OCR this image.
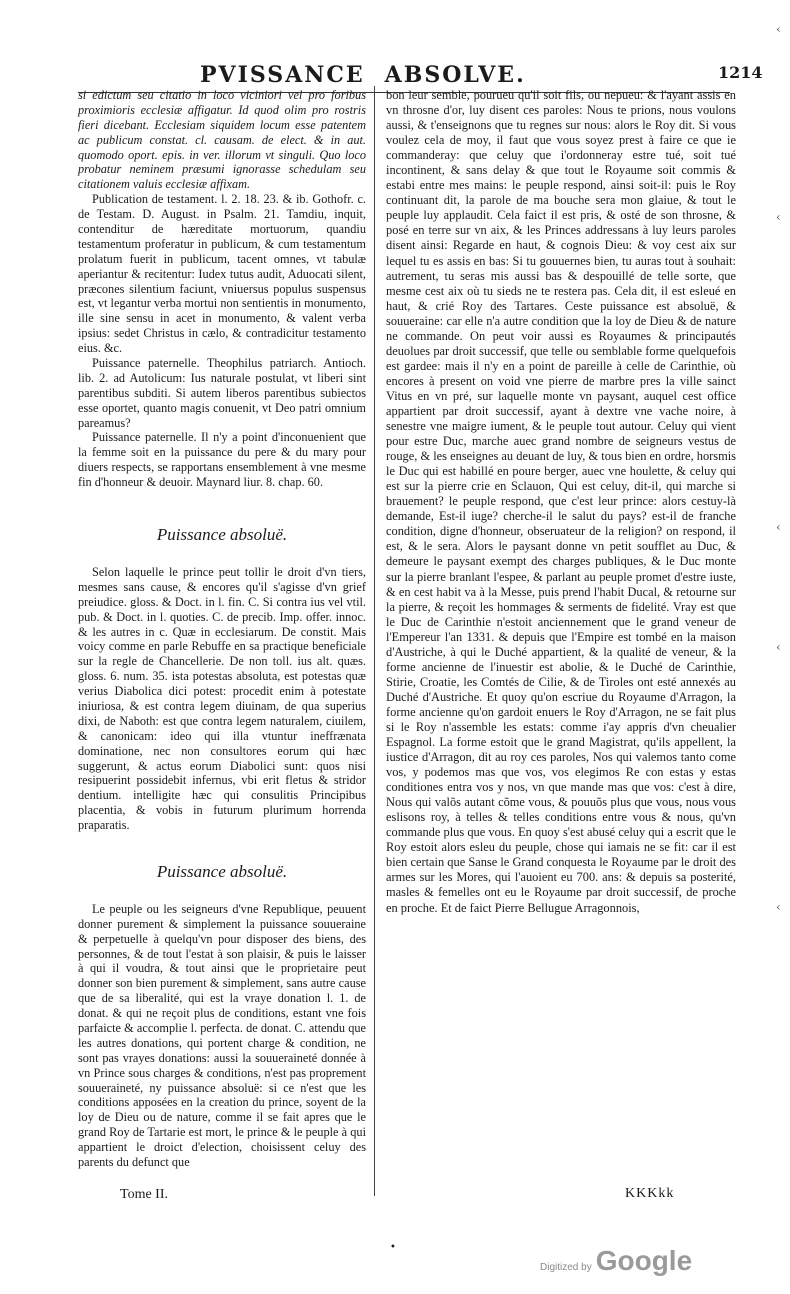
PVISSANCE ABSOLVE.	1214

si edictum seu citatio in loco viciniori vel pro foribus proximioris ecclesiæ affigatur. Id quod olim pro rostris fieri dicebant. Ecclesiam siquidem locum esse patentem ac publicum constat. cl. causam. de elect. & in aut. quomodo oport. epis. in ver. illorum vt singuli. Quo loco probatur neminem præsumi ignorasse schedulam seu citationem valuis ecclesiæ affixam.

Publication de testament. l. 2. 18. 23. & ib. Gothofr. c. de Testam. D. August. in Psalm. 21. Tamdiu, inquit, contenditur de hæreditate mortuorum, quandiu testamentum proferatur in publicum, & cum testamentum prolatum fuerit in publicum, tacent omnes, vt tabulæ aperiantur & recitentur: Iudex tutus audit, Aduocati silent, præcones silentium faciunt, vniuersus populus suspensus est, vt legantur verba mortui non sentientis in monumento, ille sine sensu in acet in monumento, & valent verba ipsius: sedet Christus in cælo, & contradicitur testamento eius. &c.

Puissance paternelle. Theophilus patriarch. Antioch. lib. 2. ad Autolicum: Ius naturale postulat, vt liberi sint parentibus subditi. Si autem liberos parentibus subiectos esse oportet, quanto magis conuenit, vt Deo patri omnium pareamus?

Puissance paternelle. Il n'y a point d'inconuenient que la femme soit en la puissance du pere & du mary pour diuers respects, se rapportans ensemblement à vne mesme fin d'honneur & deuoir. Maynard liur. 8. chap. 60.

Puissance absoluë.

Selon laquelle le prince peut tollir le droit d'vn tiers, mesmes sans cause, & encores qu'il s'agisse d'vn grief preiudice. gloss. & Doct. in l. fin. C. Si contra ius vel vtil. pub. & Doct. in l. quoties. C. de precib. Imp. offer. innoc. & les autres in c. Quæ in ecclesiarum. De constit. Mais voicy comme en parle Rebuffe en sa practique beneficiale sur la regle de Chancellerie. De non toll. ius alt. quæs. gloss. 6. num. 35. ista potestas absoluta, est potestas quæ verius Diabolica dici potest: procedit enim à potestate iniuriosa, & est contra legem diuinam, de qua superius dixi, de Naboth: est que contra legem naturalem, ciuilem, & canonicam: ideo qui illa vtuntur ineffrænata dominatione, nec non consultores eorum qui hæc suggerunt, & actus eorum Diabolici sunt: quos nisi resipuerint possidebit infernus, vbi erit fletus & stridor dentium. intelligite hæc qui consulitis Principibus placentia, & vobis in futurum plurimum horrenda praparatis.

Puissance absoluë.

Le peuple ou les seigneurs d'vne Republique, peuuent donner purement & simplement la puissance souueraine & perpetuelle à quelqu'vn pour disposer des biens, des personnes, & de tout l'estat à son plaisir, & puis le laisser à qui il voudra, & tout ainsi que le proprietaire peut donner son bien purement & simplement, sans autre cause que de sa liberalité, qui est la vraye donation l. 1. de donat. & qui ne reçoit plus de conditions, estant vne fois parfaicte & accomplie l. perfecta. de donat. C. attendu que les autres donations, qui portent charge & condition, ne sont pas vrayes donations: aussi la souueraineté donnée à vn Prince sous charges & conditions, n'est pas proprement souueraineté, ny puissance absoluë: si ce n'est que les conditions apposées en la creation du prince, soyent de la loy de Dieu ou de nature, comme il se fait apres que le grand Roy de Tartarie est mort, le prince & le peuple à qui appartient le droict d'election, choisissent celuy des parents du defunct que

bon leur semble, pourueu qu'il soit fils, ou nepueu: & l'ayant assis en vn throsne d'or, luy disent ces paroles: Nous te prions, nous voulons aussi, & t'enseignons que tu regnes sur nous: alors le Roy dit. Si vous voulez cela de moy, il faut que vous soyez prest à faire ce que ie commanderay: que celuy que i'ordonneray estre tué, soit tué incontinent, & sans delay & que tout le Royaume soit commis & estabi entre mes mains: le peuple respond, ainsi soit-il: puis le Roy continuant dit, la parole de ma bouche sera mon glaiue, & tout le peuple luy applaudit. Cela faict il est pris, & osté de son throsne, & posé en terre sur vn aix, & les Princes addressans à luy leurs paroles disent ainsi: Regarde en haut, & cognois Dieu: & voy cest aix sur lequel tu es assis en bas: Si tu gouuernes bien, tu auras tout à souhait: autrement, tu seras mis aussi bas & despouillé de telle sorte, que mesme cest aix où tu sieds ne te restera pas. Cela dit, il est esleué en haut, & crié Roy des Tartares. Ceste puissance est absoluë, & souueraine: car elle n'a autre condition que la loy de Dieu & de nature ne commande. On peut voir aussi es Royaumes & principautés deuolues par droit successif, que telle ou semblable forme quelquefois est gardee: mais il n'y en a point de pareille à celle de Carinthie, où encores à present on void vne pierre de marbre pres la ville sainct Vitus en vn pré, sur laquelle monte vn paysant, auquel cest office appartient par droit successif, ayant à dextre vne vache noire, à senestre vne maigre iument, & le peuple tout autour. Celuy qui vient pour estre Duc, marche auec grand nombre de seigneurs vestus de rouge, & les enseignes au deuant de luy, & tous bien en ordre, horsmis le Duc qui est habillé en poure berger, auec vne houlette, & celuy qui est sur la pierre crie en Sclauon, Qui est celuy, dit-il, qui marche si brauement? le peuple respond, que c'est leur prince: alors cestuy-là demande, Est-il iuge? cherche-il le salut du pays? est-il de franche condition, digne d'honneur, obseruateur de la religion? on respond, il est, & le sera. Alors le paysant donne vn petit soufflet au Duc, & demeure le paysant exempt des charges publiques, & le Duc monte sur la pierre branlant l'espee, & parlant au peuple promet d'estre iuste, & en cest habit va à la Messe, puis prend l'habit Ducal, & retourne sur la pierre, & reçoit les hommages & serments de fidelité. Vray est que le Duc de Carinthie n'estoit anciennement que le grand veneur de l'Empereur l'an 1331. & depuis que l'Empire est tombé en la maison d'Austriche, à qui le Duché appartient, & la qualité de veneur, & la forme ancienne de l'inuestir est abolie, & le Duché de Carinthie, Stirie, Croatie, les Comtés de Cilie, & de Tiroles ont esté annexés au Duché d'Austriche. Et quoy qu'on escriue du Royaume d'Arragon, la forme ancienne qu'on gardoit enuers le Roy d'Arragon, ne se fait plus si le Roy n'assemble les estats: comme i'ay appris d'vn cheualier Espagnol. La forme estoit que le grand Magistrat, qu'ils appellent, la iustice d'Arragon, dit au roy ces paroles, Nos qui valemos tanto come vos, y podemos mas que vos, vos elegimos Re con estas y estas conditiones entra vos y nos, vn que mande mas que vos: c'est à dire, Nous qui valõs autant cõme vous, & pouuõs plus que vous, nous vous eslisons roy, à telles & telles conditions entre vous & nous, qu'vn commande plus que vous. En quoy s'est abusé celuy qui a escrit que le Roy estoit alors esleu du peuple, chose qui iamais ne se fit: car il est bien certain que Sanse le Grand conquesta le Royaume par le droit des armes sur les Mores, qui l'auoient eu 700. ans: & depuis sa posterité, masles & femelles ont eu le Royaume par droit successif, de proche en proche. Et de faict Pierre Bellugue Arragonnois,

Tome II.	KKKkk
•
Digitized by Google
‹
‹
‹
‹
‹
